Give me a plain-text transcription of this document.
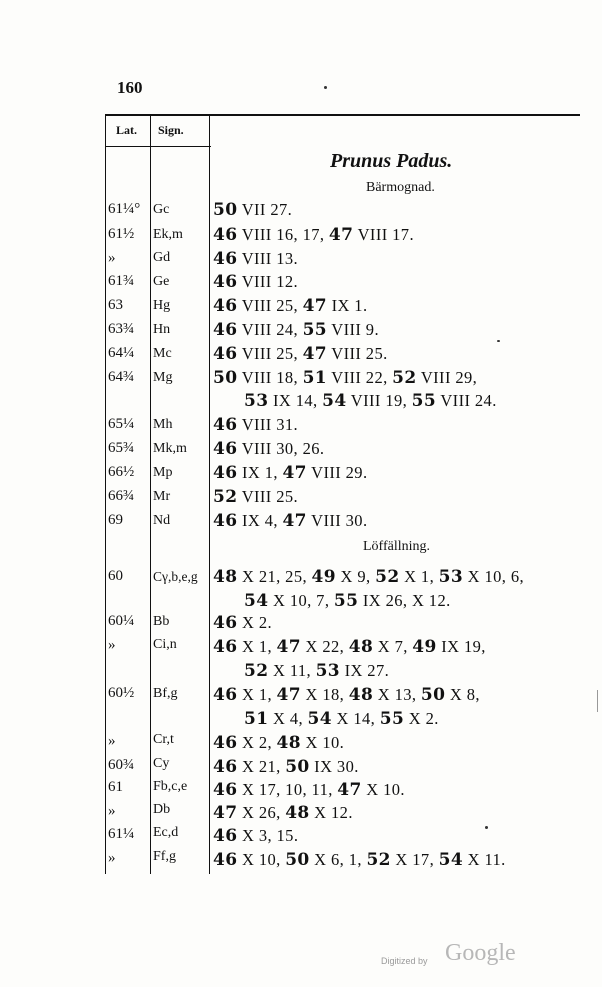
160
Lat. Sign.
Prunus Padus.
Bärmognad.
61¼° Gc	50 VII 27.
61½ Ek,m 46 VIII 16, 17, 47 VIII 17.
»	Gd	46 VIII 13.
61¾ Ge	46 VIII 12.
63 Hg	46 VIII 25, 47 IX 1.
63¾ Hn	46 VIII 24, 55 VIII 9.
64¼ Mc 46 VIII 25, 47 VIII 25.
64¾ Mg 50 VIII 18, 51 VIII 22, 52 VIII 29,
53 IX 14, 54 VIII 19, 55 VIII 24.
65¼ Mh 46 VIII 31.
65¾ Mk,m 46 VIII 30, 26.
66½ Mp 46 IX 1, 47 VIII 29.
66¾ Mr	52 VIII 25.
69 Nd	46 IX 4, 47 VIII 30.
Löffällning.
60 Cγ,b,e,g 48 X 21, 25, 49 X 9, 52 X 1, 53 X 10, 6,
54 X 10, 7, 55 IX 26, X 12.
60¼ Bb	46 X 2.
»	Ci,n 46 X 1, 47 X 22, 48 X 7, 49 IX 19,
52 X 11, 53 IX 27.
60½ Bf,g 46 X 1, 47 X 18, 48 X 13, 50 X 8,
51 X 4, 54 X 14, 55 X 2.
»	Cr,t 46 X 2, 48 X 10.
60¾ Cy	46 X 21, 50 IX 30.
61 Fb,c,e 46 X 17, 10, 11, 47 X 10.
»	Db	47 X 26, 48 X 12.
61¼ Ec,d 46 X 3, 15.
»	Ff,g 46 X 10, 50 X 6, 1, 52 X 17, 54 X 11.
Digitized by Google
